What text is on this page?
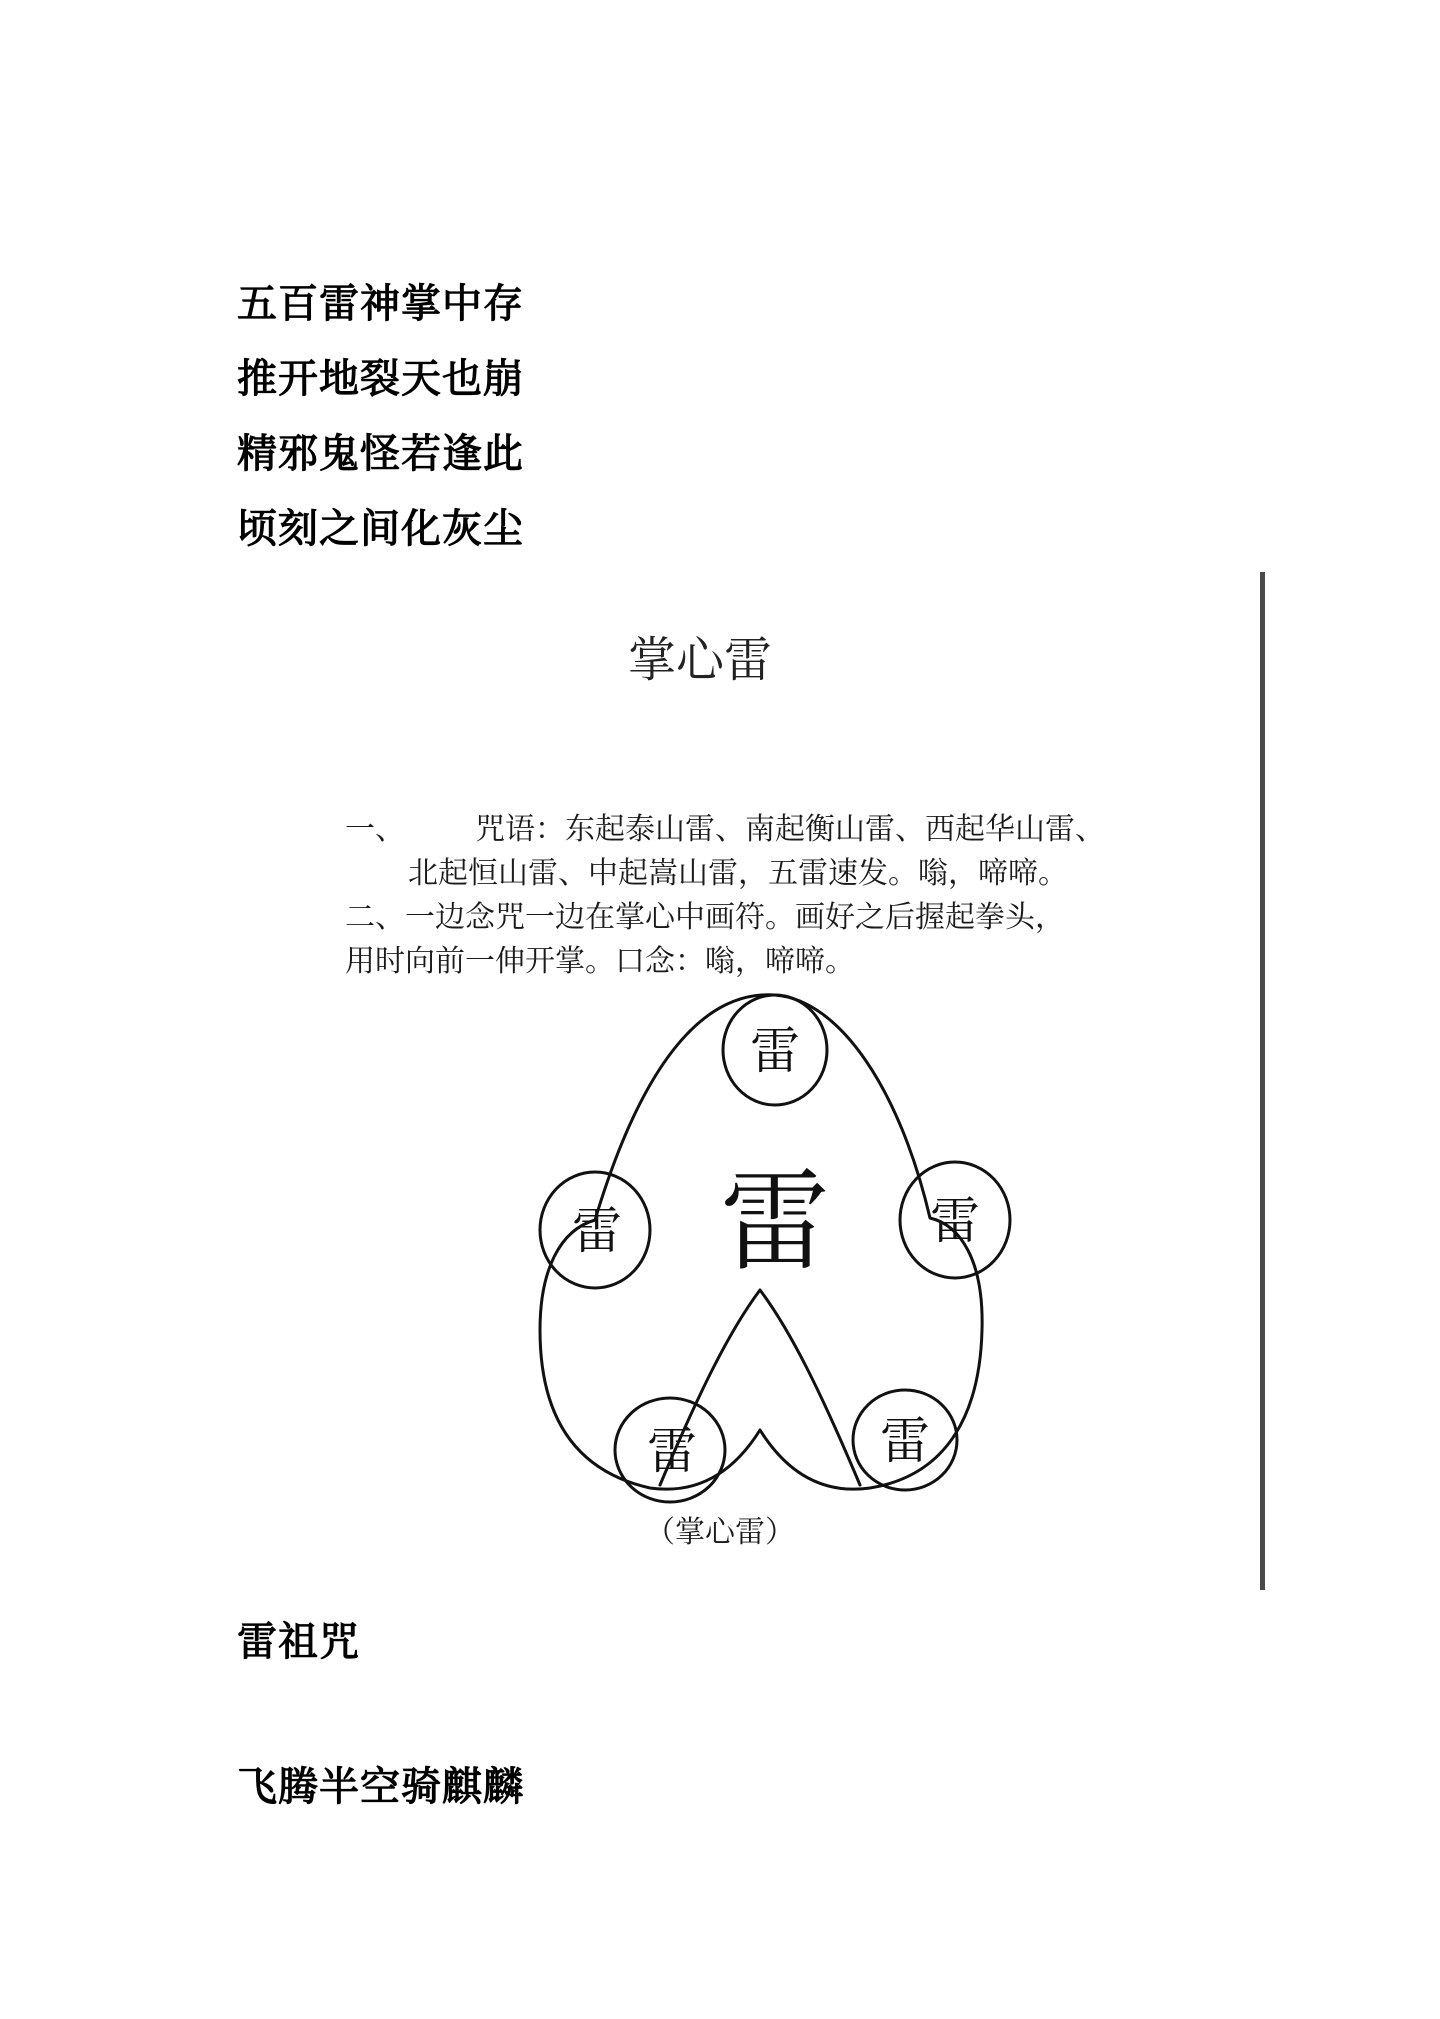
五百雷神掌中存
推开地裂天也崩
精邪鬼怪若逢此
顷刻之间化灰尘
掌心雷
一、 咒语：东起泰山雷、南起衡山雷、西起华山雷、
北起恒山雷、中起嵩山雷，五雷速发。嗡，啼啼。
二、一边念咒一边在掌心中画符。画好之后握起拳头，
用时向前一伸开掌。口念：嗡，啼啼。
雷
雷	雷
雷	雷
雷
（掌心雷）
雷祖咒
飞腾半空骑麒麟
